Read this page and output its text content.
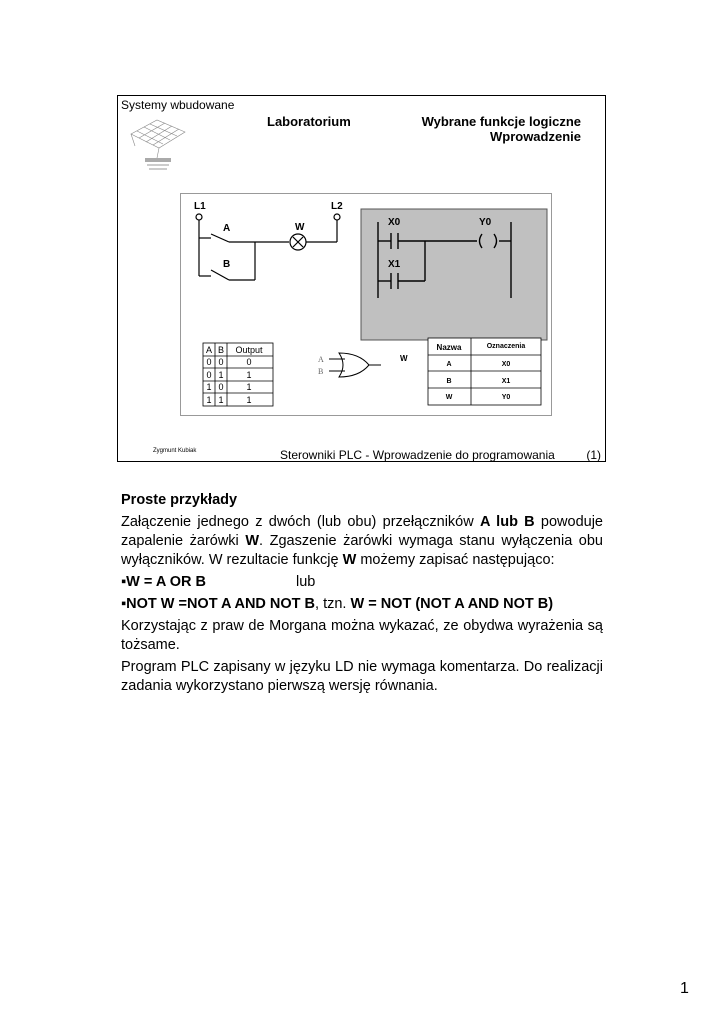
Systemy wbudowane
Laboratorium	Wybrane funkcje logiczne
Wprowadzenie
L1	L2
A
B
W	X0	Y0
X1
A B Output
0 0	0
0 1	1
1 0	1
1 1	1
A
B
W
Nazwa	Oznaczenia
A	X0
B	X1
W	Y0
Zygmunt Kubiak	Sterowniki PLC - Wprowadzenie do programowania	(1)

Proste przykłady

Załączenie jednego z dwóch (lub obu) przełączników A lub B powoduje zapalenie żarówki W. Zgaszenie żarówki wymaga stanu wyłączenia obu wyłączników. W rezultacie funkcję W możemy zapisać następująco:

▪W = A OR B	lub

▪NOT W =NOT A AND NOT B, tzn. W = NOT (NOT A AND NOT B)

Korzystając z praw de Morgana można wykazać, ze obydwa wyrażenia są tożsame.

Program PLC zapisany w języku LD nie wymaga komentarza. Do realizacji zadania wykorzystano pierwszą wersję równania.

1
